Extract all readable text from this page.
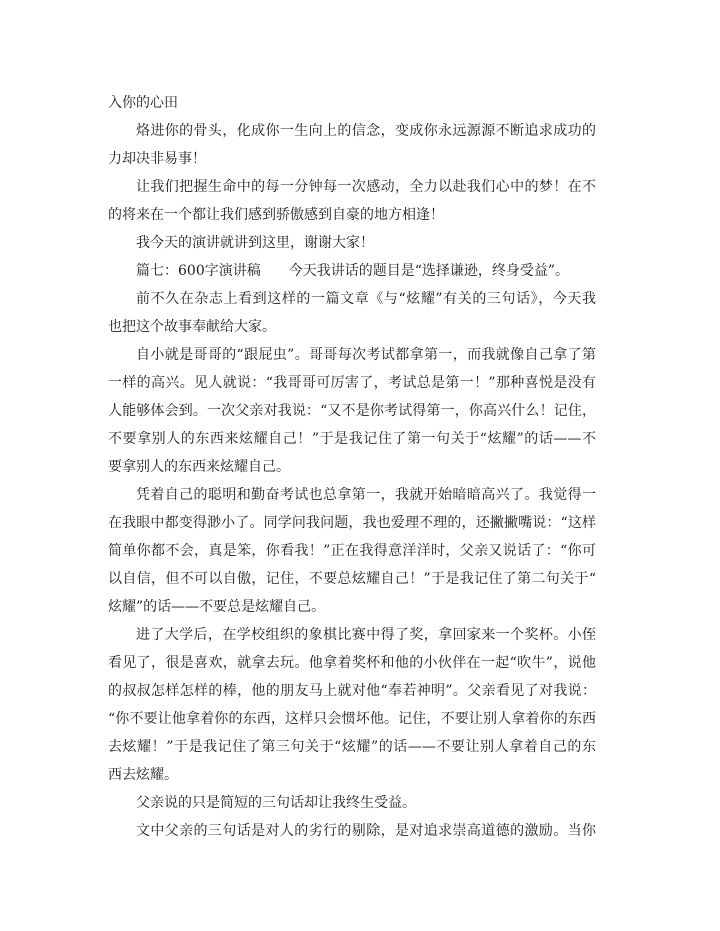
入你的心田
烙进你的骨头，化成你一生向上的信念，变成你永远源源不断追求成功的
力却决非易事！
让我们把握生命中的每一分钟每一次感动，全力以赴我们心中的梦！在不
的将来在一个都让我们感到骄傲感到自豪的地方相逢！
我今天的演讲就讲到这里，谢谢大家！
篇七：600字演讲稿　　今天我讲话的题目是“选择谦逊，终身受益”。
前不久在杂志上看到这样的一篇文章《与“炫耀”有关的三句话》，今天我
也把这个故事奉献给大家。
自小就是哥哥的“跟屁虫”。哥哥每次考试都拿第一，而我就像自己拿了第
一样的高兴。见人就说：“我哥哥可厉害了，考试总是第一！”那种喜悦是没有
人能够体会到。一次父亲对我说：“又不是你考试得第一，你高兴什么！记住，
不要拿别人的东西来炫耀自己！”于是我记住了第一句关于“炫耀”的话——不
要拿别人的东西来炫耀自己。
凭着自己的聪明和勤奋考试也总拿第一，我就开始暗暗高兴了。我觉得一
在我眼中都变得渺小了。同学问我问题，我也爱理不理的，还撇撇嘴说：“这样
简单你都不会，真是笨，你看我！”正在我得意洋洋时，父亲又说话了：“你可
以自信，但不可以自傲，记住，不要总炫耀自己！”于是我记住了第二句关于“
炫耀”的话——不要总是炫耀自己。
进了大学后，在学校组织的象棋比赛中得了奖，拿回家来一个奖杯。小侄
看见了，很是喜欢，就拿去玩。他拿着奖杯和他的小伙伴在一起“吹牛”，说他
的叔叔怎样怎样的棒，他的朋友马上就对他“奉若神明”。父亲看见了对我说：
“你不要让他拿着你的东西，这样只会惯坏他。记住，不要让别人拿着你的东西
去炫耀！”于是我记住了第三句关于“炫耀”的话——不要让别人拿着自己的东
西去炫耀。
父亲说的只是简短的三句话却让我终生受益。
文中父亲的三句话是对人的劣行的剔除，是对追求崇高道德的激励。当你
